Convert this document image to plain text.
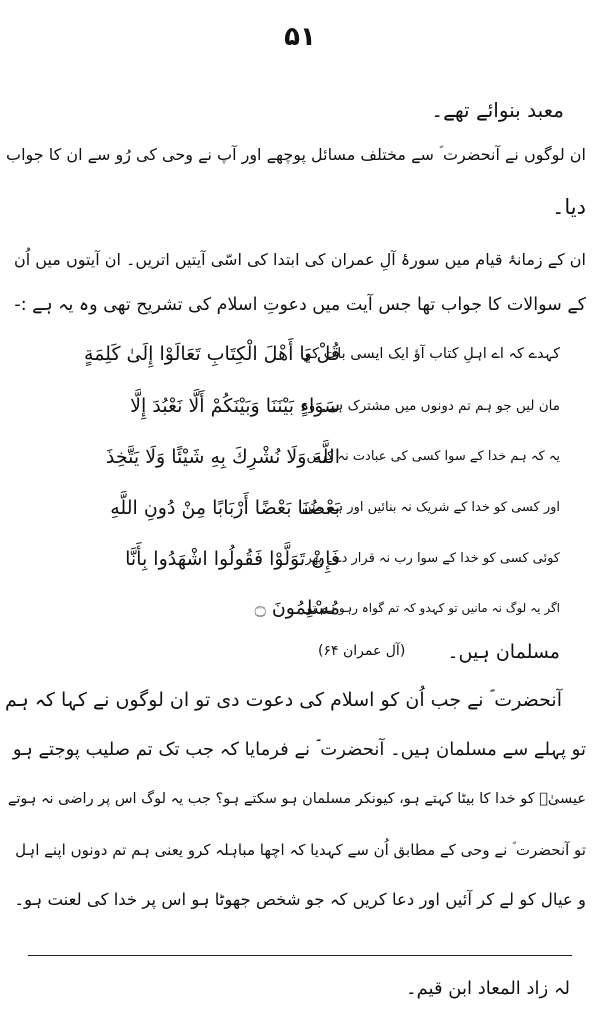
۵۱
معبد بنوائے تھے۔
ان لوگوں نے آنحضرت ؐ سے مختلف مسائل پوچھے اور آپ نے وحی کی رُو سے ان کا جواب
دیا۔
ان کے زمانۂ قیام میں سورۂ آلِ عمران کی ابتدا کی اسّی آیتیں اتریں۔ ان آیتوں میں اُن
کے سوالات کا جواب تھا جس آیت میں دعوتِ اسلام کی تشریح تھی وہ یہ ہے :-
قُلْ يَا أَهْلَ الْكِتَابِ تَعَالَوْا إِلَىٰ كَلِمَةٍ
کہدے کہ اے اہلِ کتاب آؤ ایک ایسی بات کو
سَوَاءٍ بَيْنَنَا وَبَيْنَكُمْ أَلَّا نَعْبُدَ إِلَّا
مان لیں جو ہم تم دونوں میں مشترک ہے۔ وہ
اللَّهَ وَلَا نُشْرِكَ بِهِ شَيْئًا وَلَا يَتَّخِذَ
یہ کہ ہم خدا کے سوا کسی کی عبادت نہ کریں
بَعْضُنَا بَعْضًا أَرْبَابًا مِنْ دُونِ اللَّهِ
اور کسی کو خدا کے شریک نہ بنائیں اور ہم میں
فَإِنْ تَوَلَّوْا فَقُولُوا اشْهَدُوا بِأَنَّا
کوئی کسی کو خدا کے سوا رب نہ قرار دے۔ پھر
مُسْلِمُونَ ۝
اگر یہ لوگ نہ مانیں تو کہدو کہ تم گواہ رہو ہم تو
مسلمان ہیں۔
(آل عمران ۶۴)
آنحضرت ؐ نے جب اُن کو اسلام کی دعوت دی تو ان لوگوں نے کہا کہ ہم
تو پہلے سے مسلمان ہیں۔ آنحضرت ؐ نے فرمایا کہ جب تک تم صلیب پوجتے ہو
عیسیٰؑ کو خدا کا بیٹا کہتے ہو، کیونکر مسلمان ہو سکتے ہو؟ جب یہ لوگ اس پر راضی نہ ہوتے
تو آنحضرت ؐ نے وحی کے مطابق اُن سے کہدیا کہ اچھا مباہلہ کرو یعنی ہم تم دونوں اپنے اہل
و عیال کو لے کر آئیں اور دعا کریں کہ جو شخص جھوٹا ہو اس پر خدا کی لعنت ہو۔
لہ زاد المعاد ابن قیم۔
